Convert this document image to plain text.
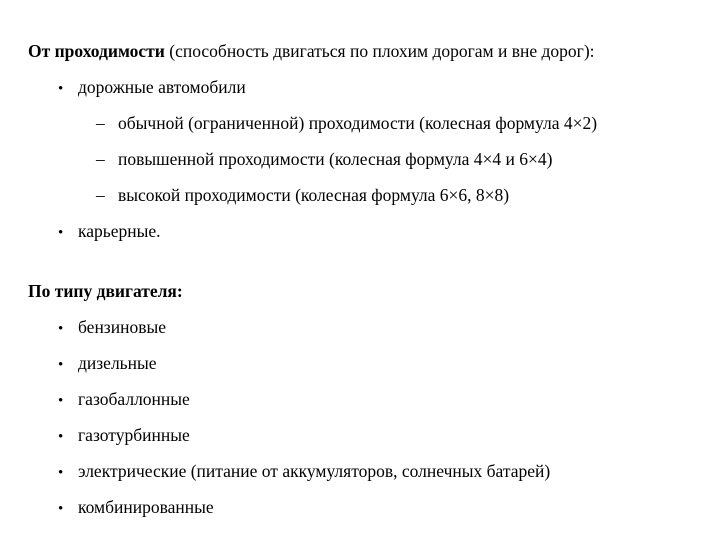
От проходимости (способность двигаться по плохим дорогам и вне дорог):
• дорожные автомобили
– обычной (ограниченной) проходимости (колесная формула 4×2)
– повышенной проходимости (колесная формула 4×4 и 6×4)
– высокой проходимости (колесная формула 6×6, 8×8)
• карьерные.
По типу двигателя:
• бензиновые
• дизельные
• газобаллонные
• газотурбинные
• электрические (питание от аккумуляторов, солнечных батарей)
• комбинированные
